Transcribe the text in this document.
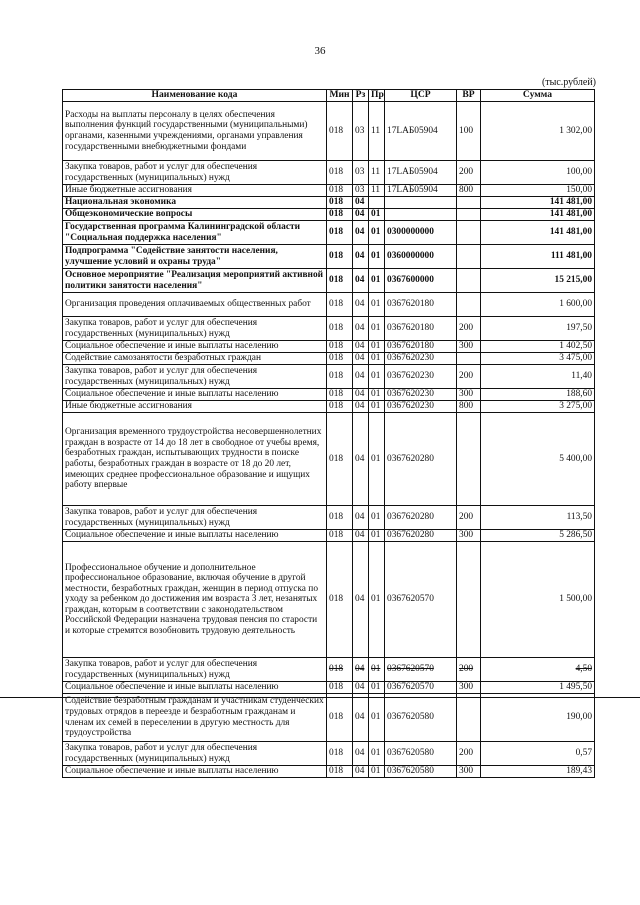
36
(тыс.рублей)
Наименование кода	Мин	Рз	Пр	ЦСР	ВР	Сумма
Расходы на выплаты персоналу в целях обеспечения выполнения функций государственными (муниципальными) органами, казенными учреждениями, органами управления государственными внебюджетными фондами	018	03	11	17LАБ05904	100	1 302,00
Закупка товаров, работ и услуг для обеспечения государственных (муниципальных) нужд	018	03	11	17LАБ05904	200	100,00
Иные бюджетные ассигнования	018	03	11	17LАБ05904	800	150,00
Национальная экономика	018	04				141 481,00
Общеэкономические вопросы	018	04	01			141 481,00
Государственная программа Калининградской области "Социальная поддержка населения"	018	04	01	0300000000		141 481,00
Подпрограмма "Содействие занятости населения, улучшение условий и охраны труда"	018	04	01	0360000000		111 481,00
Основное мероприятие "Реализация мероприятий активной политики занятости населения"	018	04	01	0367600000		15 215,00
Организация проведения оплачиваемых общественных работ	018	04	01	0367620180		1 600,00
Закупка товаров, работ и услуг для обеспечения государственных (муниципальных) нужд	018	04	01	0367620180	200	197,50
Социальное обеспечение и иные выплаты населению	018	04	01	0367620180	300	1 402,50
Содействие самозанятости безработных граждан	018	04	01	0367620230		3 475,00
Закупка товаров, работ и услуг для обеспечения государственных (муниципальных) нужд	018	04	01	0367620230	200	11,40
Социальное обеспечение и иные выплаты населению	018	04	01	0367620230	300	188,60
Иные бюджетные ассигнования	018	04	01	0367620230	800	3 275,00
Организация временного трудоустройства несовершеннолетних граждан в возрасте от 14 до 18 лет в свободное от учебы время, безработных граждан, испытывающих трудности в поиске работы, безработных граждан в возрасте от 18 до 20 лет, имеющих среднее профессиональное образование и ищущих работу впервые	018	04	01	0367620280		5 400,00
Закупка товаров, работ и услуг для обеспечения государственных (муниципальных) нужд	018	04	01	0367620280	200	113,50
Социальное обеспечение и иные выплаты населению	018	04	01	0367620280	300	5 286,50
Профессиональное обучение и дополнительное профессиональное образование, включая обучение в другой местности, безработных граждан, женщин в период отпуска по уходу за ребенком до достижения им возраста 3 лет, незанятых граждан, которым в соответствии с законодательством Российской Федерации назначена трудовая пенсия по старости и которые стремятся возобновить трудовую деятельность	018	04	01	0367620570		1 500,00
Закупка товаров, работ и услуг для обеспечения государственных (муниципальных) нужд	018	04	01	0367620570	200	4,50
Социальное обеспечение и иные выплаты населению	018	04	01	0367620570	300	1 495,50
Содействие безработным гражданам и участникам студенческих трудовых отрядов в переезде и безработным гражданам и членам их семей в переселении в другую местность для трудоустройства	018	04	01	0367620580		190,00
Закупка товаров, работ и услуг для обеспечения государственных (муниципальных) нужд	018	04	01	0367620580	200	0,57
Социальное обеспечение и иные выплаты населению	018	04	01	0367620580	300	189,43
